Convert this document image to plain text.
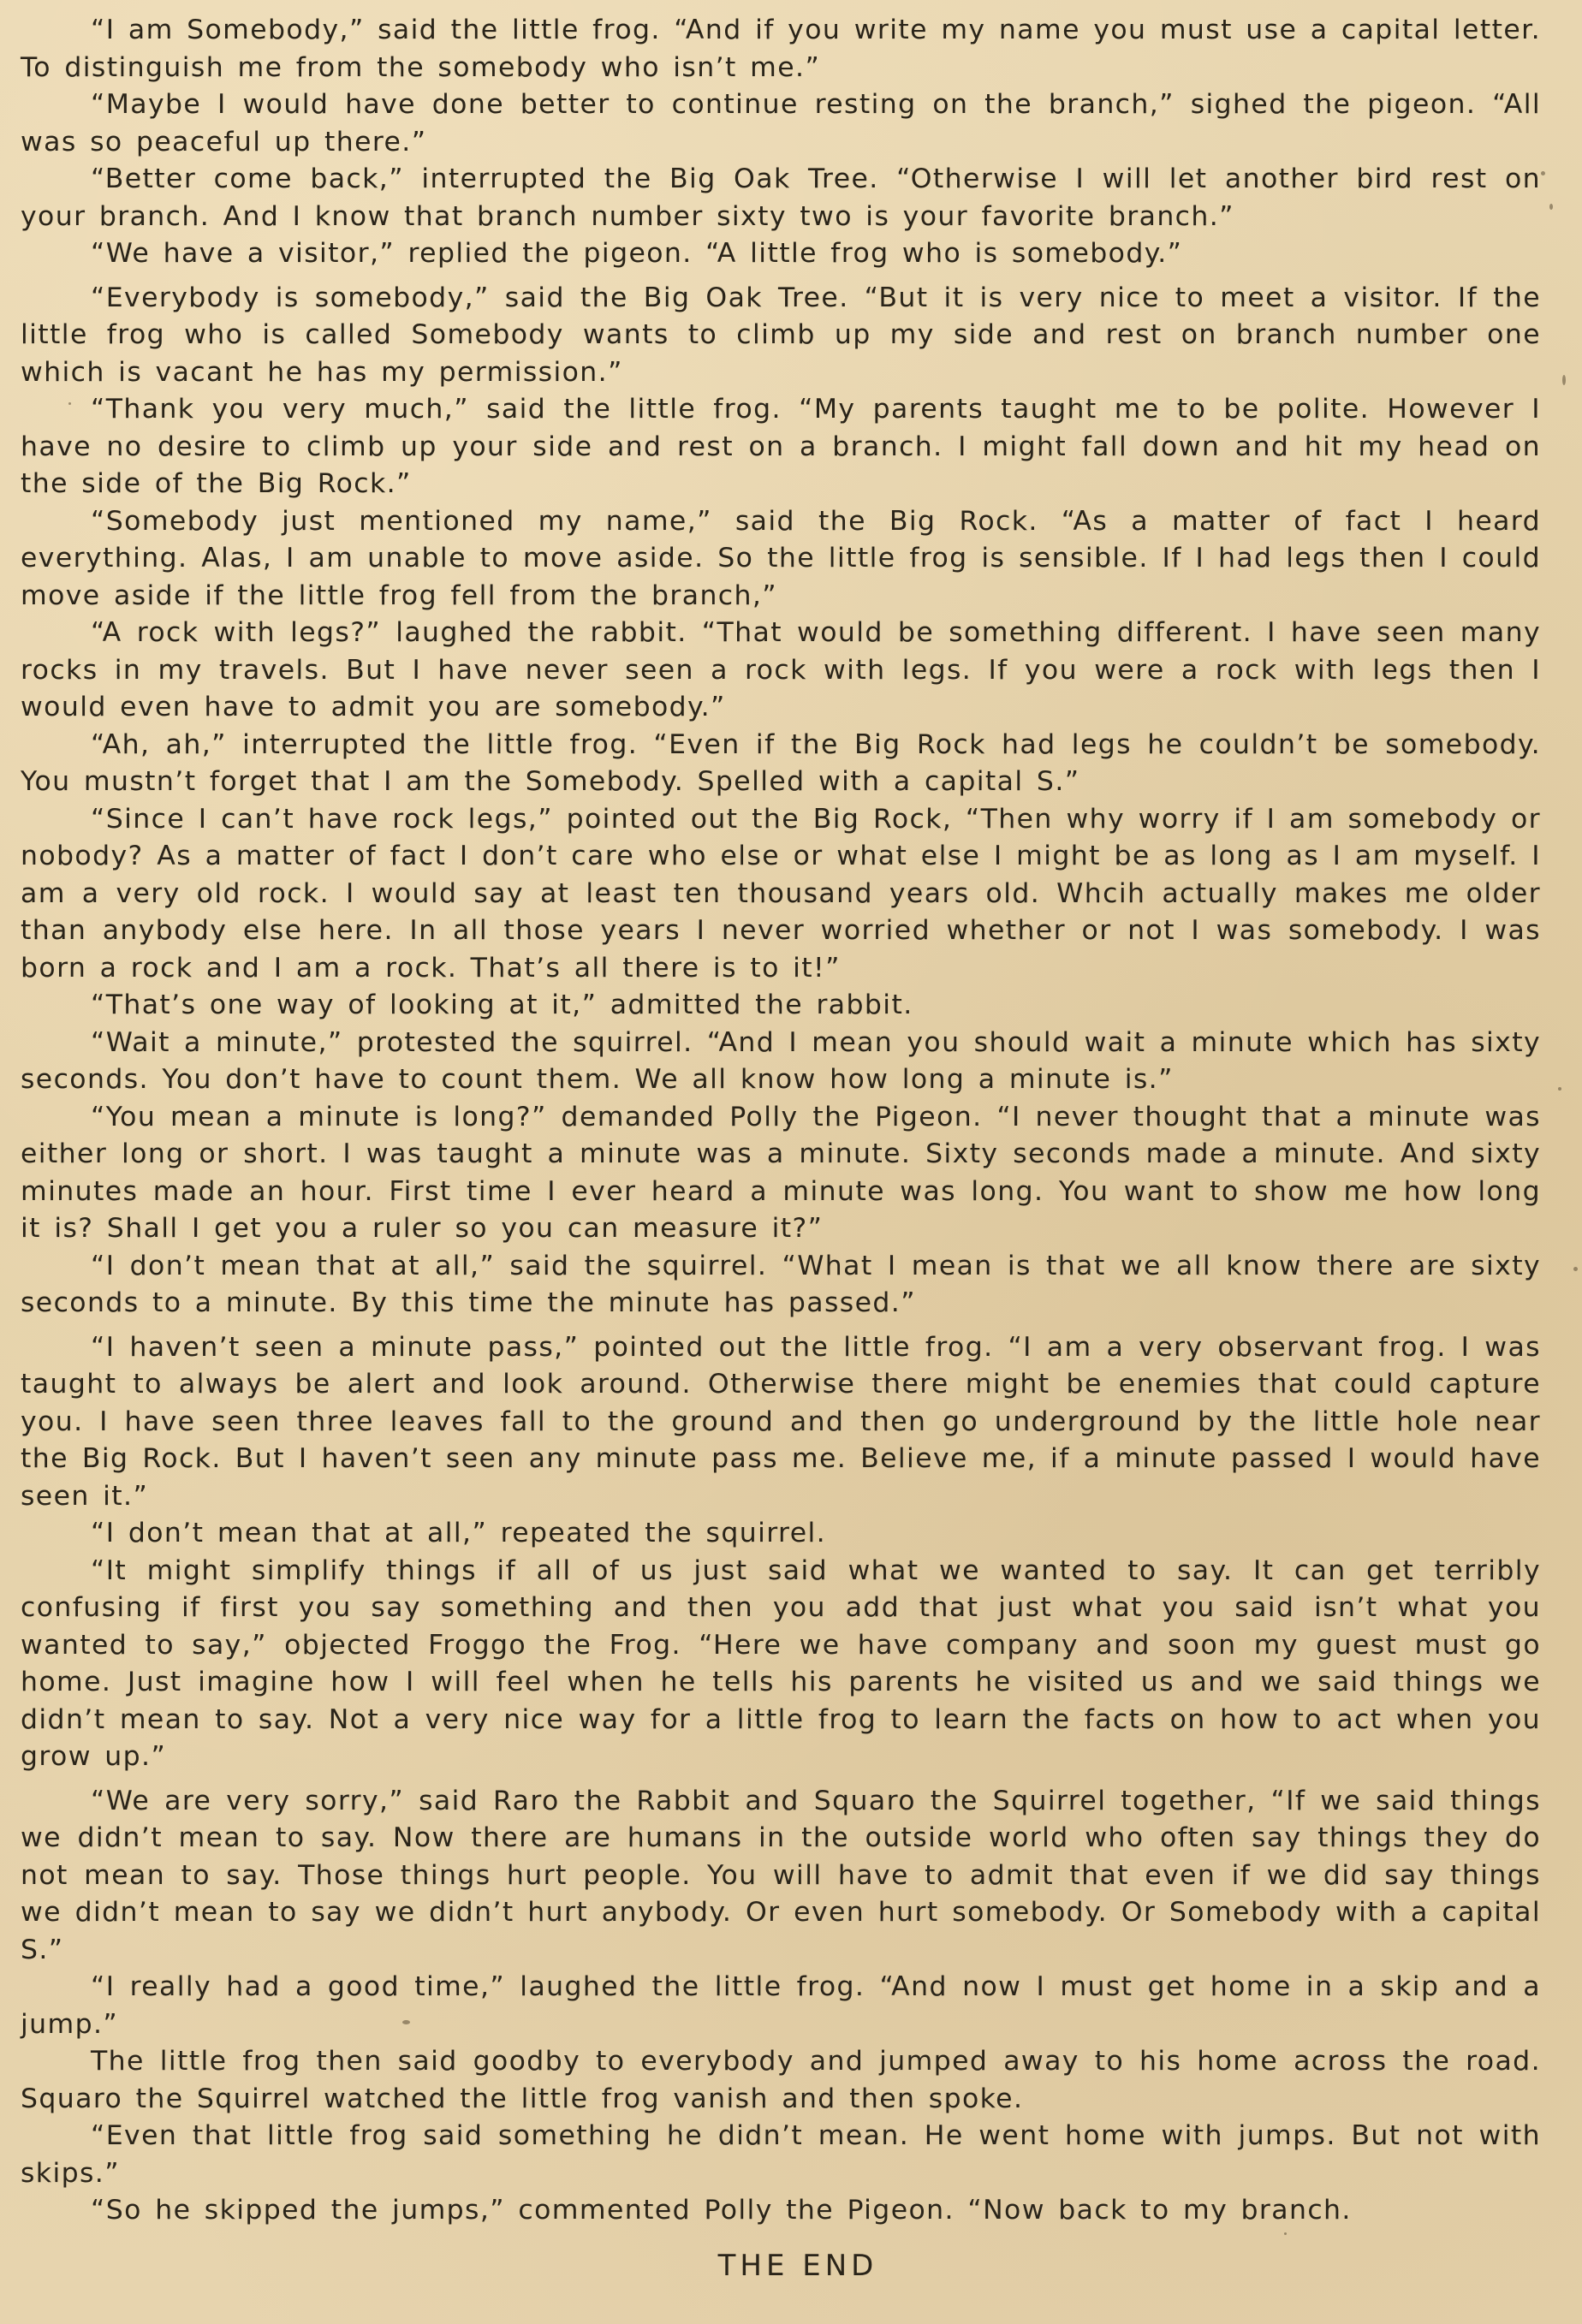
“I am Somebody,” said the little frog. “And if you write my name you must use a capital letter. To distinguish me from the somebody who isn’t me.”

“Maybe I would have done better to continue resting on the branch,” sighed the pigeon. “All was so peaceful up there.”

“Better come back,” interrupted the Big Oak Tree. “Otherwise I will let another bird rest on your branch. And I know that branch number sixty two is your favorite branch.”

“We have a visitor,” replied the pigeon. “A little frog who is somebody.”

“Everybody is somebody,” said the Big Oak Tree. “But it is very nice to meet a visitor. If the little frog who is called Somebody wants to climb up my side and rest on branch number one which is vacant he has my permission.”

“Thank you very much,” said the little frog. “My parents taught me to be polite. However I have no desire to climb up your side and rest on a branch. I might fall down and hit my head on the side of the Big Rock.”

“Somebody just mentioned my name,” said the Big Rock. “As a matter of fact I heard everything. Alas, I am unable to move aside. So the little frog is sensible. If I had legs then I could move aside if the little frog fell from the branch,”

“A rock with legs?” laughed the rabbit. “That would be something different. I have seen many rocks in my travels. But I have never seen a rock with legs. If you were a rock with legs then I would even have to admit you are somebody.”

“Ah, ah,” interrupted the little frog. “Even if the Big Rock had legs he couldn’t be somebody. You mustn’t forget that I am the Somebody. Spelled with a capital S.”

“Since I can’t have rock legs,” pointed out the Big Rock, “Then why worry if I am somebody or nobody? As a matter of fact I don’t care who else or what else I might be as long as I am myself. I am a very old rock. I would say at least ten thousand years old. Whcih actually makes me older than anybody else here. In all those years I never worried whether or not I was somebody. I was born a rock and I am a rock. That’s all there is to it!”

“That’s one way of looking at it,” admitted the rabbit.

“Wait a minute,” protested the squirrel. “And I mean you should wait a minute which has sixty seconds. You don’t have to count them. We all know how long a minute is.”

“You mean a minute is long?” demanded Polly the Pigeon. “I never thought that a minute was either long or short. I was taught a minute was a minute. Sixty seconds made a minute. And sixty minutes made an hour. First time I ever heard a minute was long. You want to show me how long it is? Shall I get you a ruler so you can measure it?”

“I don’t mean that at all,” said the squirrel. “What I mean is that we all know there are sixty seconds to a minute. By this time the minute has passed.”

“I haven’t seen a minute pass,” pointed out the little frog. “I am a very observant frog. I was taught to always be alert and look around. Otherwise there might be enemies that could capture you. I have seen three leaves fall to the ground and then go underground by the little hole near the Big Rock. But I haven’t seen any minute pass me. Believe me, if a minute passed I would have seen it.”

“I don’t mean that at all,” repeated the squirrel.

“It might simplify things if all of us just said what we wanted to say. It can get terribly confusing if first you say something and then you add that just what you said isn’t what you wanted to say,” objected Froggo the Frog. “Here we have company and soon my guest must go home. Just imagine how I will feel when he tells his parents he visited us and we said things we didn’t mean to say. Not a very nice way for a little frog to learn the facts on how to act when you grow up.”

“We are very sorry,” said Raro the Rabbit and Squaro the Squirrel together, “If we said things we didn’t mean to say. Now there are humans in the outside world who often say things they do not mean to say. Those things hurt people. You will have to admit that even if we did say things we didn’t mean to say we didn’t hurt anybody. Or even hurt somebody. Or Somebody with a capital S.”

“I really had a good time,” laughed the little frog. “And now I must get home in a skip and a jump.”

The little frog then said goodby to everybody and jumped away to his home across the road. Squaro the Squirrel watched the little frog vanish and then spoke.

“Even that little frog said something he didn’t mean. He went home with jumps. But not with skips.”

“So he skipped the jumps,” commented Polly the Pigeon. “Now back to my branch.

THE END
